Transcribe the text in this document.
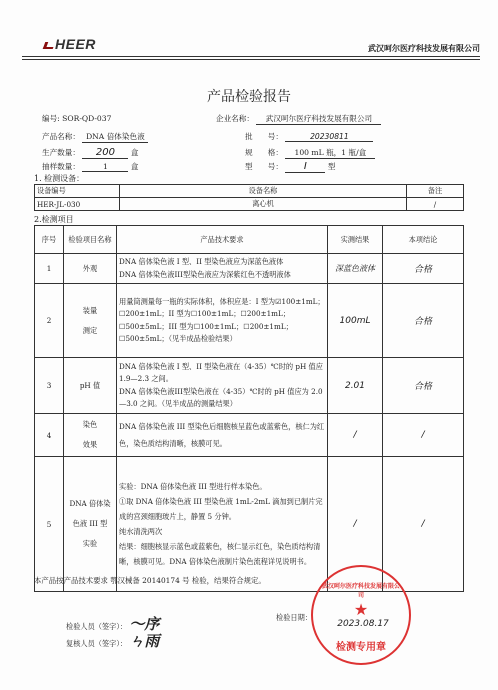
HEER	武汉呵尔医疗科技发展有限公司
产品检验报告
编号: SOR-QD-037	企业名称： 武汉呵尔医疗科技发展有限公司
产品名称： DNA 倍体染色液	批　　号：	20230811
生产数量： 200 盒	规　　格： 100 mL 瓶，1 瓶/盒
抽样数量：	1	盒	型　　号： I	型
1. 检测设备：
设备编号	设备名称	备注
HER-JL-030	离心机	/
2.检测项目
序号	检验项目名称	产品技术要求	实测结果	本项结论
1	外观	DNA 倍体染色液 I 型、II 型染色液应为深蓝色液体
DNA 倍体染色液III型染色液应为深紫红色不透明液体	深蓝色液体	合格
2	装量
测定	用量筒测量每一瓶的实际体积，体积应是：I 型为☑100±1mL；☐200±1mL；II 型为☐100±1mL；☐200±1mL；☐500±5mL；III 型为☐100±1mL；☐200±1mL；☐500±5mL；（见半成品检验结果）	100mL	合格
3	pH 值	DNA 倍体染色液 I 型、II 型染色液在（4-35）℃时的 pH 值应 1.9—2.3 之间。
DNA 倍体染色液III型染色液在（4-35）℃时的 pH 值应为 2.0—3.0 之间。（见半成品的测量结果）	2.01	合格
4	染色
效果	DNA 倍体染色液 III 型染色后细胞核呈蓝色或蓝紫色，核仁为红色，染色质结构清晰，核膜可见。	/	/
5	DNA 倍体染
色液 III 型
实验	实验：DNA 倍体染色液 III 型进行样本染色。
①取 DNA 倍体染色液 III 型染色液 1mL-2mL 滴加到已制片完成的宫颈细胞玻片上，静置 5 分钟。
纯水清洗两次
结果：细胞核显示蓝色或蓝紫色，核仁显示红色，染色质结构清晰，核膜可见。DNA 倍体染色液制片染色流程详见说明书。	/	/
本产品按产品技术要求 鄂汉械备 20140174 号 检验，结果符合规定。
检验人员（签字）： 〜序
复核人员（签字）： ㄣ雨
检验日期：
武汉呵尔医疗科技发展有限公司
★
2023.08.17
检测专用章
